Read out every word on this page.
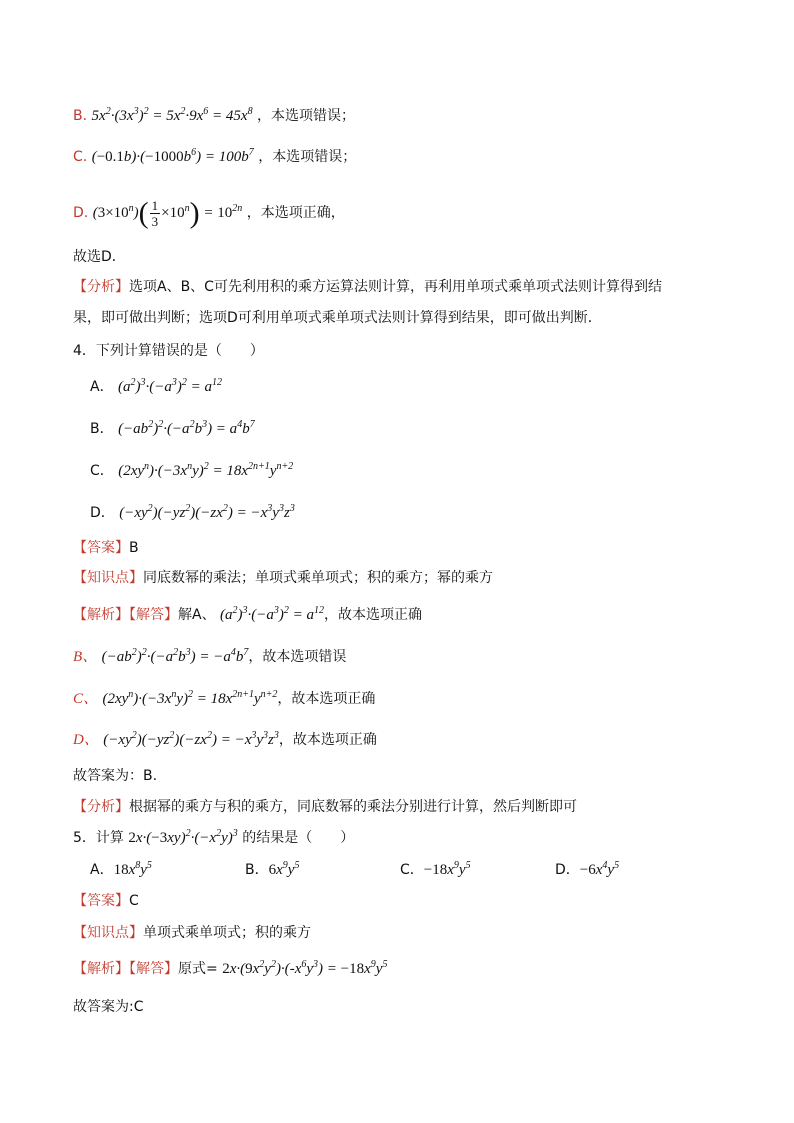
B. $5x^2\cdot(3x^3)^2 = 5x^2\cdot 9x^6 = 45x^8$ ，本选项错误；
C. $(-0.1b)\cdot(-1000b^6) = 100b^7$ ，本选项错误；
D. $(3\times 10^n)( \frac{1}{3} \times 10^n) = 10^{2n}$ ，本选项正确，
故选D．
【分析】选项A、B、C可先利用积的乘方运算法则计算，再利用单项式乘单项式法则计算得到结
果，即可做出判断；选项D可利用单项式乘单项式法则计算得到结果，即可做出判断．
4．下列计算错误的是（　　）
A． $(a^2)^3\cdot(-a^3)^2 = a^{12}$
B． $(-ab^2)^2\cdot(-a^2b^3) = a^4b^7$
C． $(2xy^n)\cdot(-3x^ny)^2 = 18x^{2n+1}y^{n+2}$
D． $(-xy^2)(-yz^2)(-zx^2) = -x^3y^3z^3$
【答案】B
【知识点】同底数幂的乘法；单项式乘单项式；积的乘方；幂的乘方
【解析】【解答】解A、 $(a^2)^3\cdot(-a^3)^2 = a^{12}$，故本选项正确
B、 $(-ab^2)^2\cdot(-a^2b^3) = -a^4b^7$，故本选项错误
C、 $(2xy^n)\cdot(-3x^ny)^2 = 18x^{2n+1}y^{n+2}$，故本选项正确
D、 $(-xy^2)(-yz^2)(-zx^2) = -x^3y^3z^3$，故本选项正确
故答案为：B.
【分析】根据幂的乘方与积的乘方，同底数幂的乘法分别进行计算，然后判断即可
5．计算 $2x\cdot(-3xy)^2\cdot(-x^2y)^3$ 的结果是（　　）
A．$18x^8y^5$	B．$6x^9y^5$	C．$-18x^9y^5$	D．$-6x^4y^5$
【答案】C
【知识点】单项式乘单项式；积的乘方
【解析】【解答】原式= $2x\cdot(9x^2y^2)\cdot(-x^6y^3) = -18x^9y^5$
故答案为:C
